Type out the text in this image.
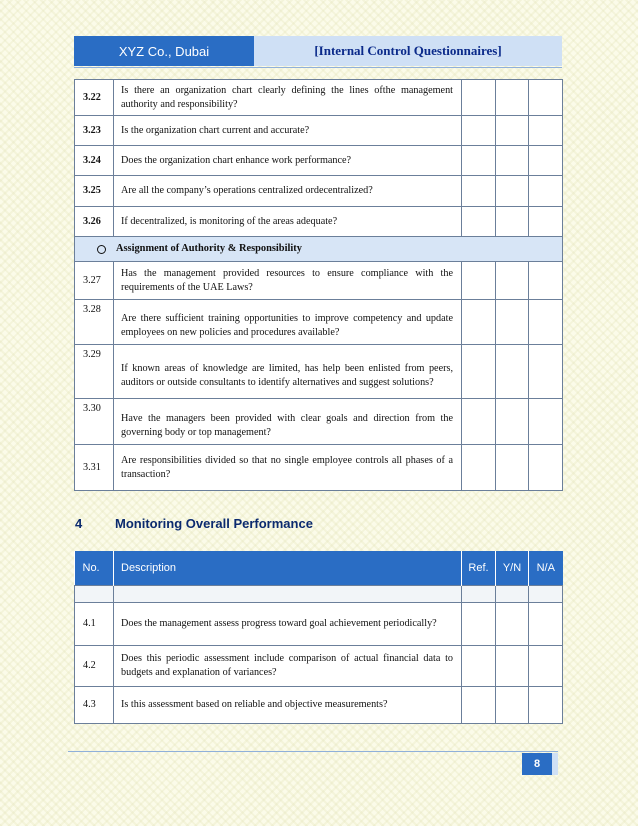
XYZ Co., Dubai	[Internal Control Questionnaires]
3.22	Is there an organization chart clearly defining the lines ofthe management authority and responsibility?			
3.23	Is the organization chart current and accurate?			
3.24	Does the organization chart enhance work performance?			
3.25	Are all the company’s operations centralized ordecentralized?			
3.26	If decentralized, is monitoring of the areas adequate?			

Assignment of Authority & Responsibility				

3.27	Has the management provided resources to ensure compliance with the requirements of the UAE Laws?			
3.28	Are there sufficient training opportunities to improve competency and update employees on new policies and procedures available?			
3.29	If known areas of knowledge are limited, has help been enlisted from peers, auditors or outside consultants to identify alternatives and suggest solutions?			
3.30	Have the managers been provided with clear goals and direction from the governing body or top management?			
3.31	Are responsibilities divided so that no single employee controls all phases of a transaction?			
4	Monitoring Overall Performance
No.	Description	Ref.	Y/N	N/A

4.1	Does the management assess progress toward goal achievement periodically?			
4.2	Does this periodic assessment include comparison of actual financial data to budgets and explanation of variances?			
4.3	Is this assessment based on reliable and objective measurements?			
8
